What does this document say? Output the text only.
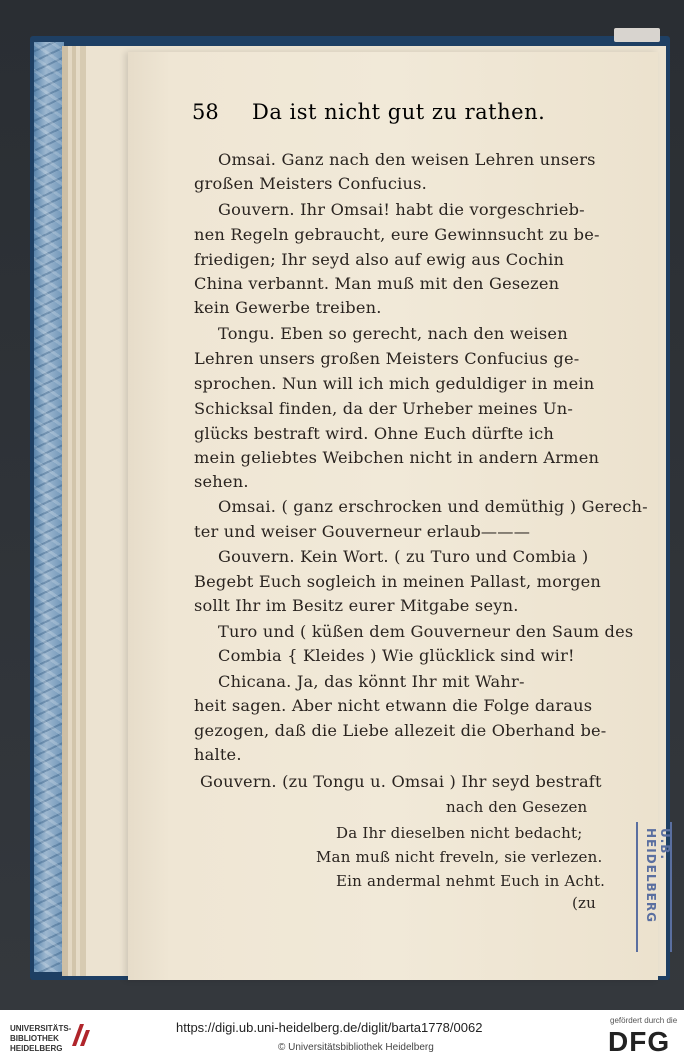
58 Da ist nicht gut zu rathen.
Omsai. Ganz nach den weisen Lehren unsers
großen Meisters Confucius.
Gouvern. Ihr Omsai! habt die vorgeschrieb-
nen Regeln gebraucht, eure Gewinnsucht zu be-
friedigen; Ihr seyd also auf ewig aus Cochin
China verbannt. Man muß mit den Gesezen
kein Gewerbe treiben.
Tongu. Eben so gerecht, nach den weisen
Lehren unsers großen Meisters Confucius ge-
sprochen. Nun will ich mich geduldiger in mein
Schicksal finden, da der Urheber meines Un-
glücks bestraft wird. Ohne Euch dürfte ich
mein geliebtes Weibchen nicht in andern Armen
sehen.
Omsai. ( ganz erschrocken und demüthig ) Gerech-
ter und weiser Gouverneur erlaub———
Gouvern. Kein Wort. ( zu Turo und Combia )
Begebt Euch sogleich in meinen Pallast, morgen
sollt Ihr im Besitz eurer Mitgabe seyn.
Turo und ( küßen dem Gouverneur den Saum des
Combia { Kleides ) Wie glücklick sind wir!
Chicana. Ja, das könnt Ihr mit Wahr-
heit sagen. Aber nicht etwann die Folge daraus
gezogen, daß die Liebe allezeit die Oberhand be-
halte.
Gouvern. (zu Tongu u. Omsai ) Ihr seyd bestraft
nach den Gesezen
Da Ihr dieselben nicht bedacht;
Man muß nicht freveln, sie verlezen.
Ein andermal nehmt Euch in Acht.
(zu
U.B. HEIDELBERG
UNIVERSITÄTS-
BIBLIOTHEK
HEIDELBERG
https://digi.ub.uni-heidelberg.de/diglit/barta1778/0062
© Universitätsbibliothek Heidelberg
gefördert durch die
DFG
